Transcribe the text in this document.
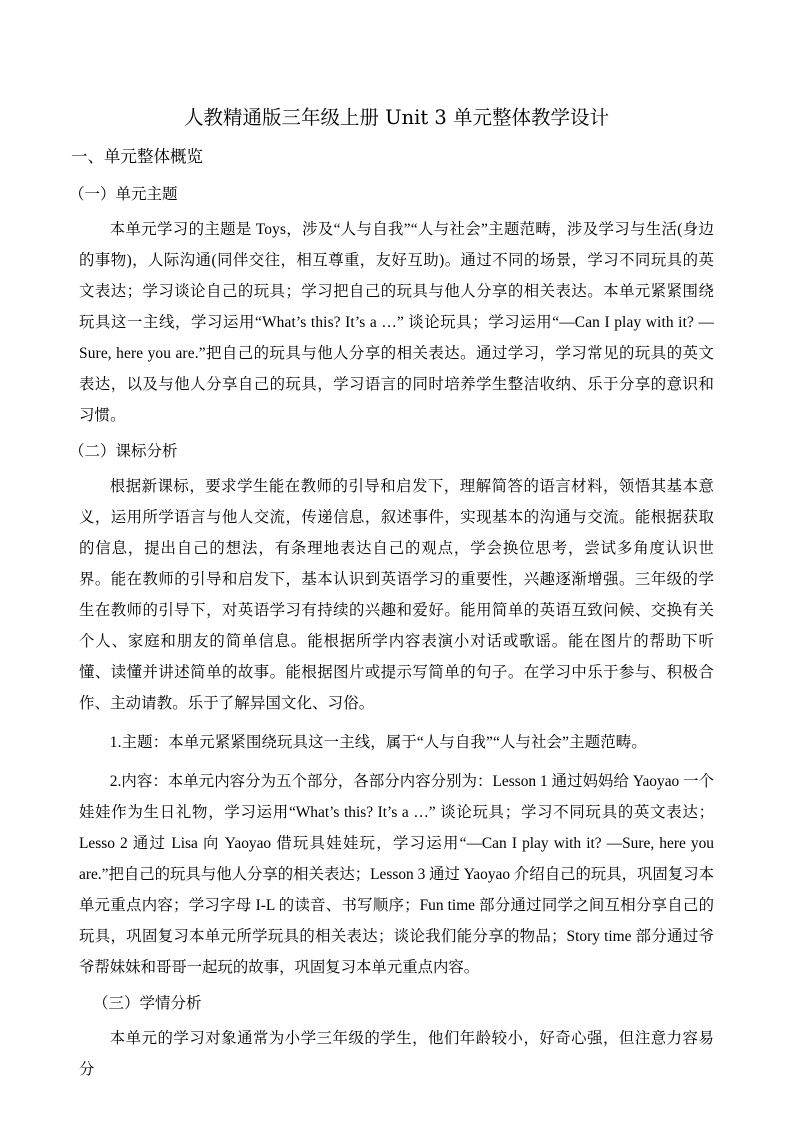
人教精通版三年级上册 Unit 3 单元整体教学设计
一、单元整体概览
（一）单元主题

本单元学习的主题是 Toys，涉及“人与自我”“人与社会”主题范畴，涉及学习与生活(身边的事物)，人际沟通(同伴交往，相互尊重，友好互助)。通过不同的场景，学习不同玩具的英文表达；学习谈论自己的玩具；学习把自己的玩具与他人分享的相关表达。本单元紧紧围绕玩具这一主线，学习运用“What’s this? It’s a …” 谈论玩具；学习运用“—Can I play with it? —Sure, here you are.”把自己的玩具与他人分享的相关表达。通过学习，学习常见的玩具的英文表达，以及与他人分享自己的玩具，学习语言的同时培养学生整洁收纳、乐于分享的意识和习惯。

（二）课标分析

根据新课标，要求学生能在教师的引导和启发下，理解简答的语言材料，领悟其基本意义，运用所学语言与他人交流，传递信息，叙述事件，实现基本的沟通与交流。能根据获取的信息，提出自己的想法，有条理地表达自己的观点，学会换位思考，尝试多角度认识世界。能在教师的引导和启发下，基本认识到英语学习的重要性，兴趣逐渐增强。三年级的学生在教师的引导下，对英语学习有持续的兴趣和爱好。能用简单的英语互致问候、交换有关个人、家庭和朋友的简单信息。能根据所学内容表演小对话或歌谣。能在图片的帮助下听懂、读懂并讲述简单的故事。能根据图片或提示写简单的句子。在学习中乐于参与、积极合作、主动请教。乐于了解异国文化、习俗。

1.主题：本单元紧紧围绕玩具这一主线，属于“人与自我”“人与社会”主题范畴。

2.内容：本单元内容分为五个部分，各部分内容分别为：Lesson 1 通过妈妈给 Yaoyao 一个娃娃作为生日礼物，学习运用“What’s this? It’s a …” 谈论玩具；学习不同玩具的英文表达；Lesso 2 通过 Lisa 向 Yaoyao 借玩具娃娃玩，学习运用“—Can I play with it? —Sure, here you are.”把自己的玩具与他人分享的相关表达；Lesson 3 通过 Yaoyao 介绍自己的玩具，巩固复习本单元重点内容；学习字母 I-L 的读音、书写顺序；Fun time 部分通过同学之间互相分享自己的玩具，巩固复习本单元所学玩具的相关表达；谈论我们能分享的物品；Story time 部分通过爷爷帮妹妹和哥哥一起玩的故事，巩固复习本单元重点内容。

（三）学情分析

本单元的学习对象通常为小学三年级的学生，他们年龄较小，好奇心强，但注意力容易分
